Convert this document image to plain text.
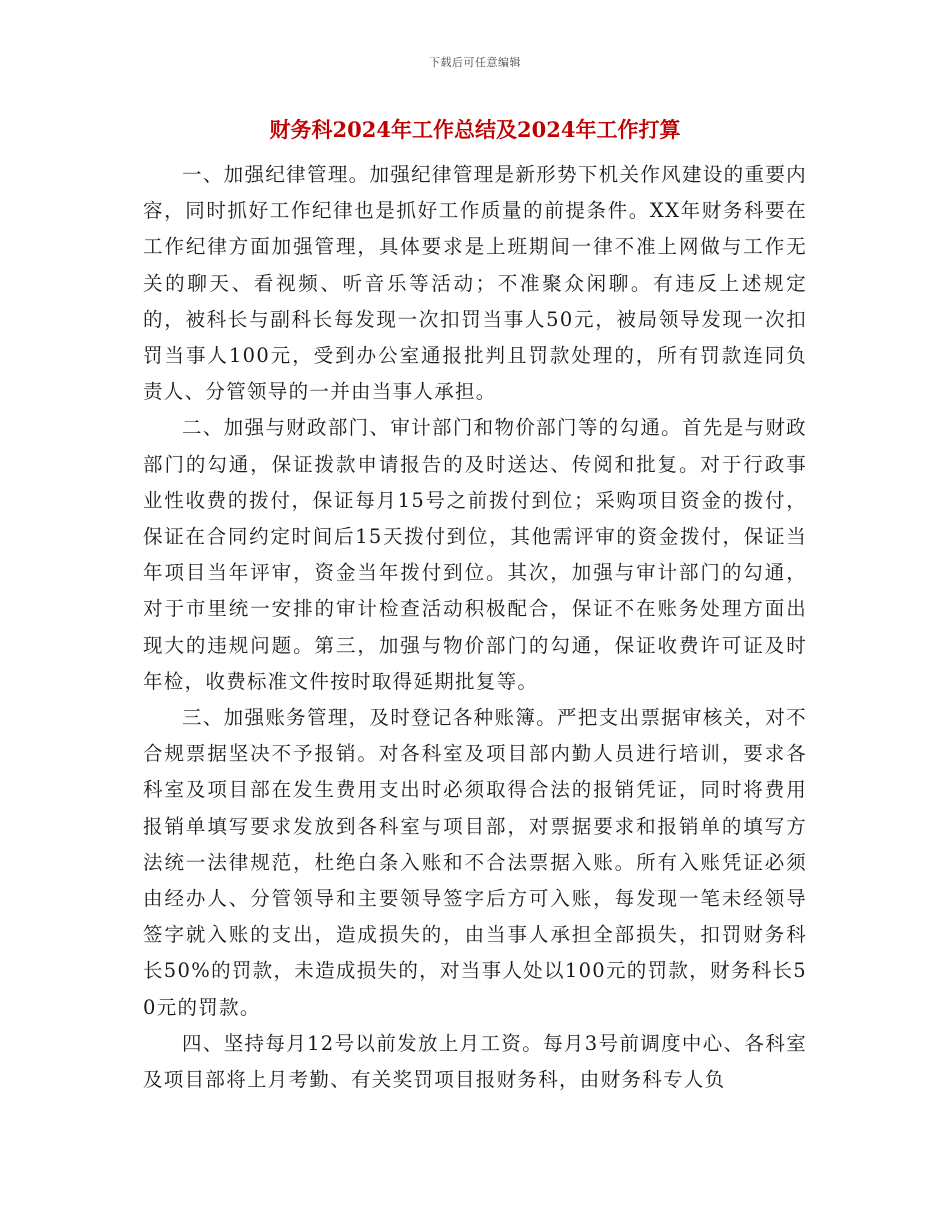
下载后可任意编辑
财务科2024年工作总结及2024年工作打算

一、加强纪律管理。加强纪律管理是新形势下机关作风建设的重要内容，同时抓好工作纪律也是抓好工作质量的前提条件。XX年财务科要在工作纪律方面加强管理，具体要求是上班期间一律不准上网做与工作无关的聊天、看视频、听音乐等活动；不准聚众闲聊。有违反上述规定的，被科长与副科长每发现一次扣罚当事人50元，被局领导发现一次扣罚当事人100元，受到办公室通报批判且罚款处理的，所有罚款连同负责人、分管领导的一并由当事人承担。

二、加强与财政部门、审计部门和物价部门等的勾通。首先是与财政部门的勾通，保证拨款申请报告的及时送达、传阅和批复。对于行政事业性收费的拨付，保证每月15号之前拨付到位；采购项目资金的拨付，保证在合同约定时间后15天拨付到位，其他需评审的资金拨付，保证当年项目当年评审，资金当年拨付到位。其次，加强与审计部门的勾通，对于市里统一安排的审计检查活动积极配合，保证不在账务处理方面出现大的违规问题。第三，加强与物价部门的勾通，保证收费许可证及时年检，收费标准文件按时取得延期批复等。

三、加强账务管理，及时登记各种账簿。严把支出票据审核关，对不合规票据坚决不予报销。对各科室及项目部内勤人员进行培训，要求各科室及项目部在发生费用支出时必须取得合法的报销凭证，同时将费用报销单填写要求发放到各科室与项目部，对票据要求和报销单的填写方法统一法律规范，杜绝白条入账和不合法票据入账。所有入账凭证必须由经办人、分管领导和主要领导签字后方可入账，每发现一笔未经领导签字就入账的支出，造成损失的，由当事人承担全部损失，扣罚财务科长50%的罚款，未造成损失的，对当事人处以100元的罚款，财务科长50元的罚款。

四、坚持每月12号以前发放上月工资。每月3号前调度中心、各科室及项目部将上月考勤、有关奖罚项目报财务科，由财务科专人负
